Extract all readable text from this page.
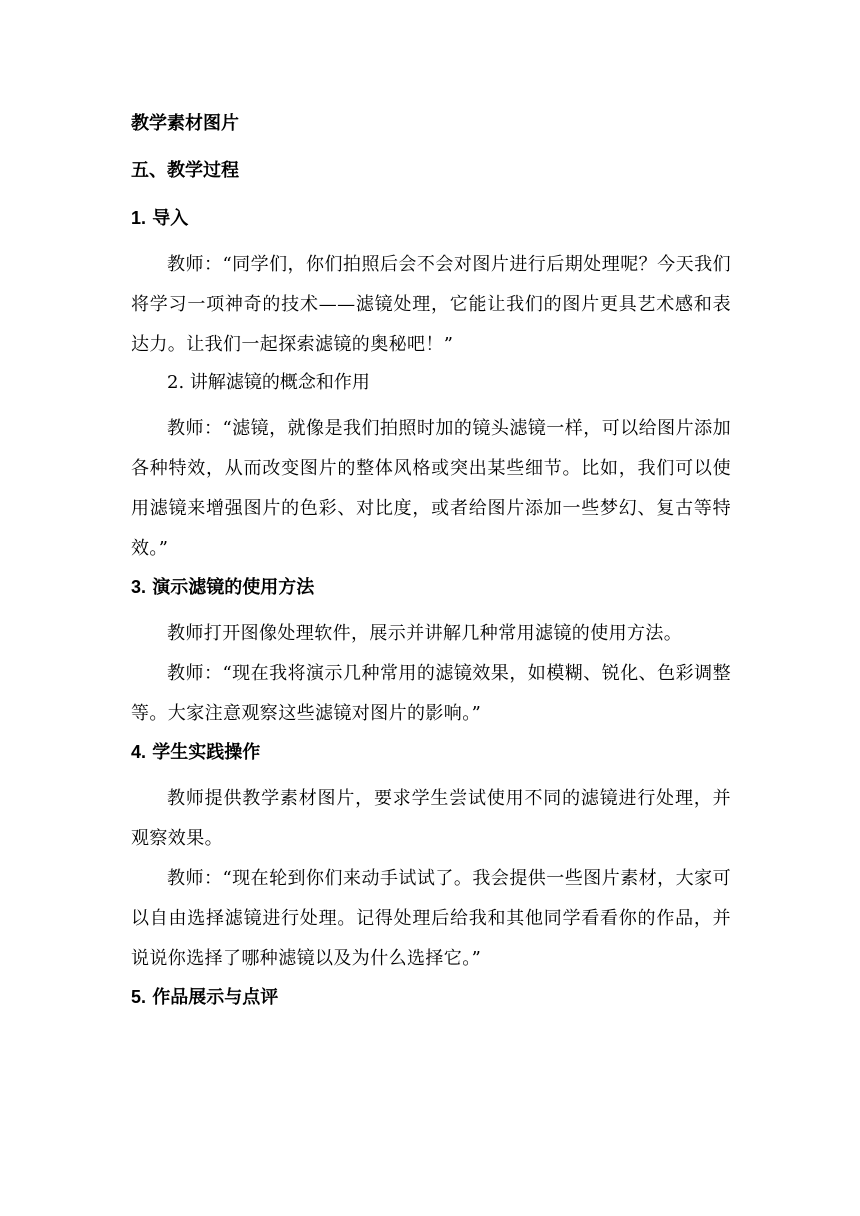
教学素材图片

五、教学过程

1. 导入

教师：“同学们，你们拍照后会不会对图片进行后期处理呢？今天我们将学习一项神奇的技术——滤镜处理，它能让我们的图片更具艺术感和表达力。让我们一起探索滤镜的奥秘吧！”

2. 讲解滤镜的概念和作用

教师：“滤镜，就像是我们拍照时加的镜头滤镜一样，可以给图片添加各种特效，从而改变图片的整体风格或突出某些细节。比如，我们可以使用滤镜来增强图片的色彩、对比度，或者给图片添加一些梦幻、复古等特效。”

3. 演示滤镜的使用方法

教师打开图像处理软件，展示并讲解几种常用滤镜的使用方法。

教师：“现在我将演示几种常用的滤镜效果，如模糊、锐化、色彩调整等。大家注意观察这些滤镜对图片的影响。”

4. 学生实践操作

教师提供教学素材图片，要求学生尝试使用不同的滤镜进行处理，并观察效果。

教师：“现在轮到你们来动手试试了。我会提供一些图片素材，大家可以自由选择滤镜进行处理。记得处理后给我和其他同学看看你的作品，并说说你选择了哪种滤镜以及为什么选择它。”

5. 作品展示与点评
